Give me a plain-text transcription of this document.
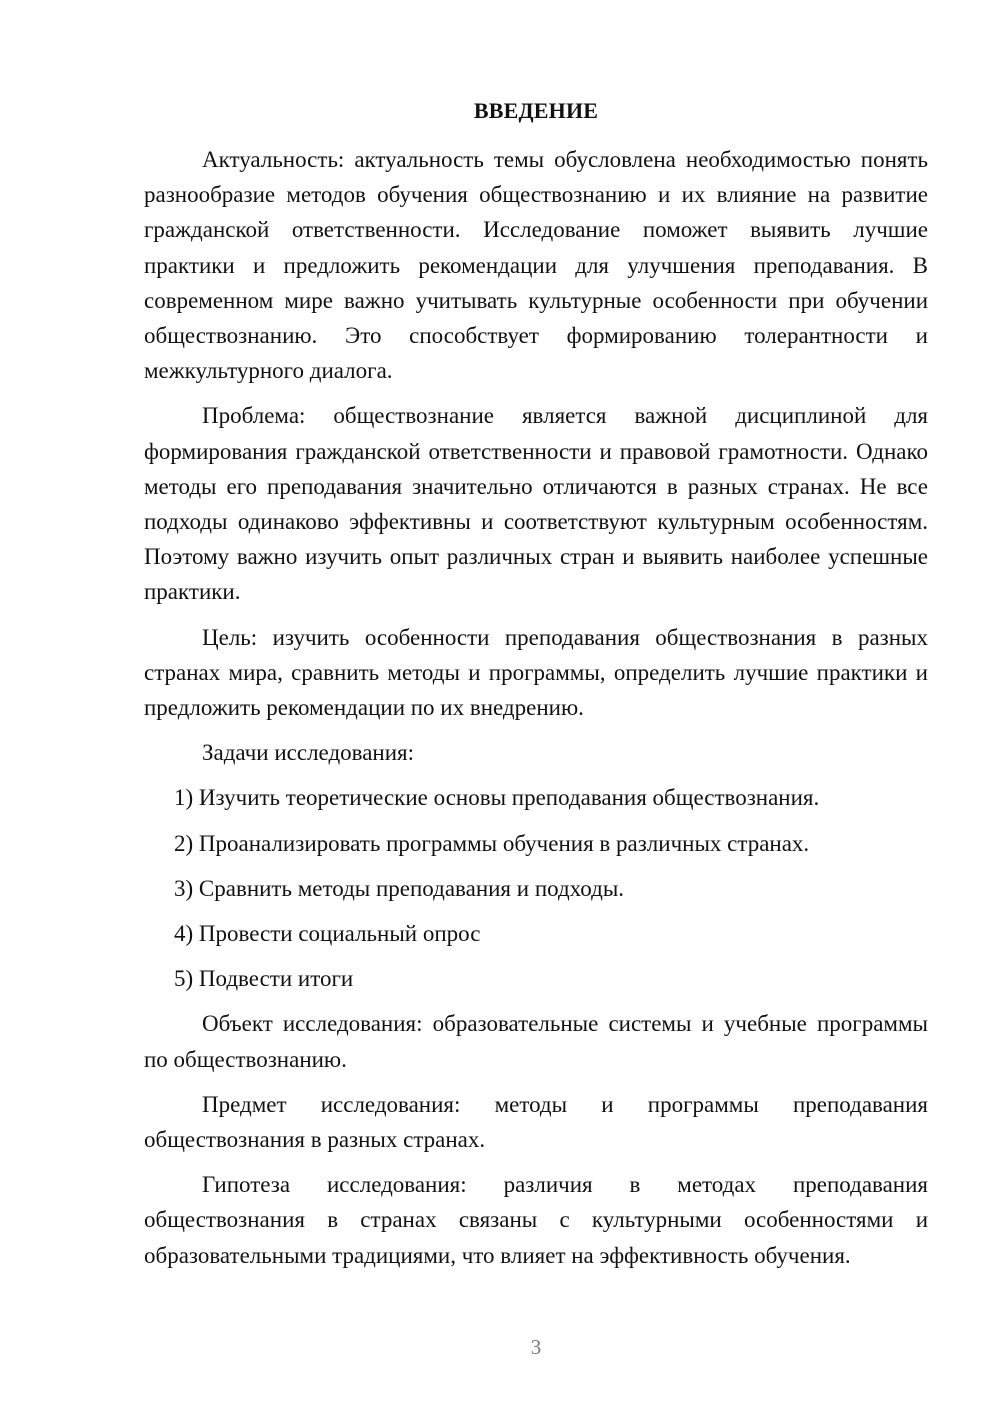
ВВЕДЕНИЕ

Актуальность: актуальность темы обусловлена необходимостью понять разнообразие методов обучения обществознанию и их влияние на развитие гражданской ответственности. Исследование поможет выявить лучшие практики и предложить рекомендации для улучшения преподавания. В современном мире важно учитывать культурные особенности при обучении обществознанию. Это способствует формированию толерантности и межкультурного диалога.

Проблема: обществознание является важной дисциплиной для формирования гражданской ответственности и правовой грамотности. Однако методы его преподавания значительно отличаются в разных странах. Не все подходы одинаково эффективны и соответствуют культурным особенностям. Поэтому важно изучить опыт различных стран и выявить наиболее успешные практики.

Цель: изучить особенности преподавания обществознания в разных странах мира, сравнить методы и программы, определить лучшие практики и предложить рекомендации по их внедрению.

Задачи исследования:

1) Изучить теоретические основы преподавания обществознания.

2) Проанализировать программы обучения в различных странах.

3) Сравнить методы преподавания и подходы.

4) Провести социальный опрос

5) Подвести итоги

Объект исследования: образовательные системы и учебные программы по обществознанию.

Предмет исследования: методы и программы преподавания обществознания в разных странах.

Гипотеза исследования: различия в методах преподавания обществознания в странах связаны с культурными особенностями и образовательными традициями, что влияет на эффективность обучения.

3
